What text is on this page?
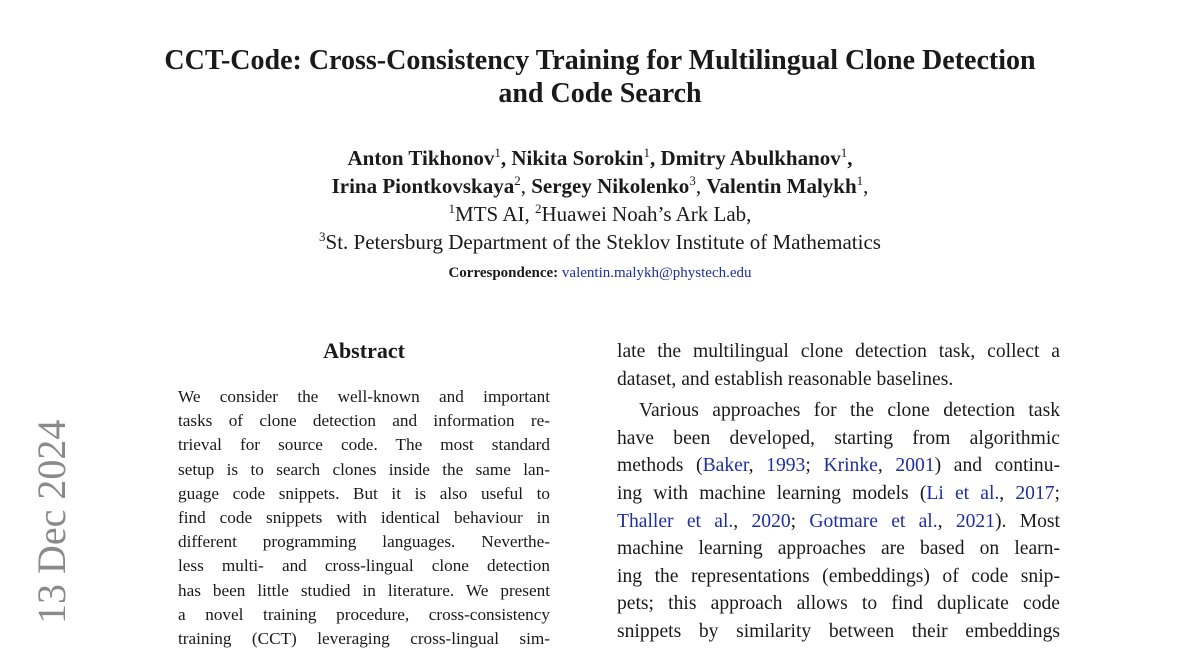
13 Dec 2024
CCT-Code: Cross-Consistency Training for Multilingual Clone Detection
and Code Search
Anton Tikhonov$^1$, Nikita Sorokin$^1$, Dmitry Abulkhanov$^1$,
Irina Piontkovskaya$^2$, Sergey Nikolenko$^3$, Valentin Malykh$^1$,
$^1$MTS AI, $^2$Huawei Noah’s Ark Lab,
$^3$St. Petersburg Department of the Steklov Institute of Mathematics
Correspondence: valentin.malykh@phystech.edu
Abstract
We consider the well-known and important
tasks of clone detection and information re-
trieval for source code. The most standard
setup is to search clones inside the same lan-
guage code snippets. But it is also useful to
find code snippets with identical behaviour in
different programming languages. Neverthe-
less multi- and cross-lingual clone detection
has been little studied in literature. We present
a novel training procedure, cross-consistency
training (CCT) leveraging cross-lingual sim-
late the multilingual clone detection task, collect a
dataset, and establish reasonable baselines.
Various approaches for the clone detection task
have been developed, starting from algorithmic
methods (Baker, 1993; Krinke, 2001) and continu-
ing with machine learning models (Li et al., 2017;
Thaller et al., 2020; Gotmare et al., 2021). Most
machine learning approaches are based on learn-
ing the representations (embeddings) of code snip-
pets; this approach allows to find duplicate code
snippets by similarity between their embeddings
